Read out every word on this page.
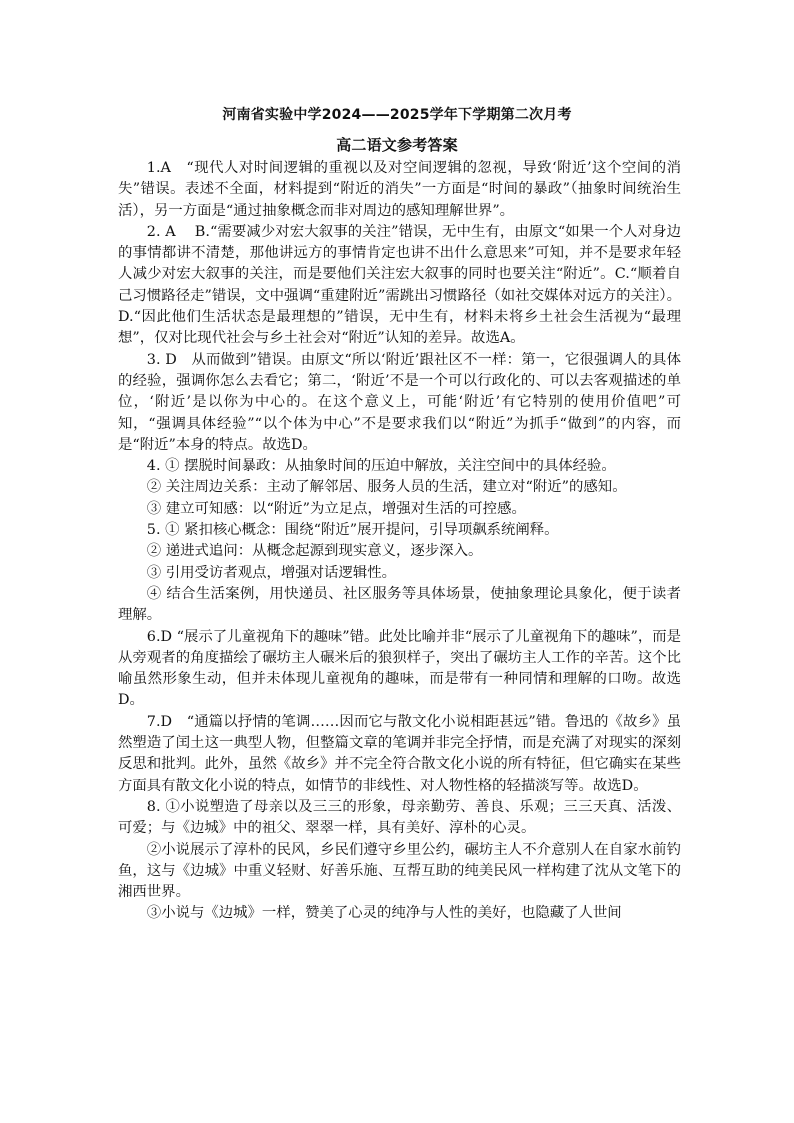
河南省实验中学2024——2025学年下学期第二次月考
高二语文参考答案

1.A　“现代人对时间逻辑的重视以及对空间逻辑的忽视，导致‘附近’这个空间的消失”错误。表述不全面，材料提到“附近的消失”一方面是“时间的暴政”（抽象时间统治生活），另一方面是“通过抽象概念而非对周边的感知理解世界”。

2. A　 B.“需要减少对宏大叙事的关注”错误，无中生有，由原文“如果一个人对身边的事情都讲不清楚，那他讲远方的事情肯定也讲不出什么意思来”可知，并不是要求年轻人减少对宏大叙事的关注，而是要他们关注宏大叙事的同时也要关注“附近”。C.“顺着自己习惯路径走”错误，文中强调“重建附近”需跳出习惯路径（如社交媒体对远方的关注）。 D.“因此他们生活状态是最理想的”错误，无中生有，材料未将乡土社会生活视为“最理想”，仅对比现代社会与乡土社会对“附近”认知的差异。故选A。

3. D　从而做到”错误。由原文“所以‘附近’跟社区不一样：第一，它很强调人的具体的经验，强调你怎么去看它；第二，‘附近’不是一个可以行政化的、可以去客观描述的单位，‘附近’是以你为中心的。在这个意义上，可能‘附近’有它特别的使用价值吧”可知，“强调具体经验”“以个体为中心”不是要求我们以“附近”为抓手“做到”的内容，而是“附近”本身的特点。故选D。

4. ① 摆脱时间暴政：从抽象时间的压迫中解放，关注空间中的具体经验。

② 关注周边关系：主动了解邻居、服务人员的生活，建立对“附近”的感知。

③ 建立可知感：以“附近”为立足点，增强对生活的可控感。

5. ① 紧扣核心概念：围绕“附近”展开提问，引导项飙系统阐释。

② 递进式追问：从概念起源到现实意义，逐步深入。

③ 引用受访者观点，增强对话逻辑性。

④ 结合生活案例，用快递员、社区服务等具体场景，使抽象理论具象化，便于读者理解。

6.D “展示了儿童视角下的趣味”错。此处比喻并非“展示了儿童视角下的趣味”，而是从旁观者的角度描绘了碾坊主人碾米后的狼狈样子，突出了碾坊主人工作的辛苦。这个比喻虽然形象生动，但并未体现儿童视角的趣味，而是带有一种同情和理解的口吻。故选D。

7.D　“通篇以抒情的笔调……因而它与散文化小说相距甚远”错。鲁迅的《故乡》虽然塑造了闰土这一典型人物，但整篇文章的笔调并非完全抒情，而是充满了对现实的深刻反思和批判。此外，虽然《故乡》并不完全符合散文化小说的所有特征，但它确实在某些方面具有散文化小说的特点，如情节的非线性、对人物性格的轻描淡写等。故选D。

8. ①小说塑造了母亲以及三三的形象，母亲勤劳、善良、乐观；三三天真、活泼、可爱；与《边城》中的祖父、翠翠一样，具有美好、淳朴的心灵。

②小说展示了淳朴的民风，乡民们遵守乡里公约，碾坊主人不介意别人在自家水前钓鱼，这与《边城》中重义轻财、好善乐施、互帮互助的纯美民风一样构建了沈从文笔下的湘西世界。

③小说与《边城》一样，赞美了心灵的纯净与人性的美好，也隐藏了人世间
